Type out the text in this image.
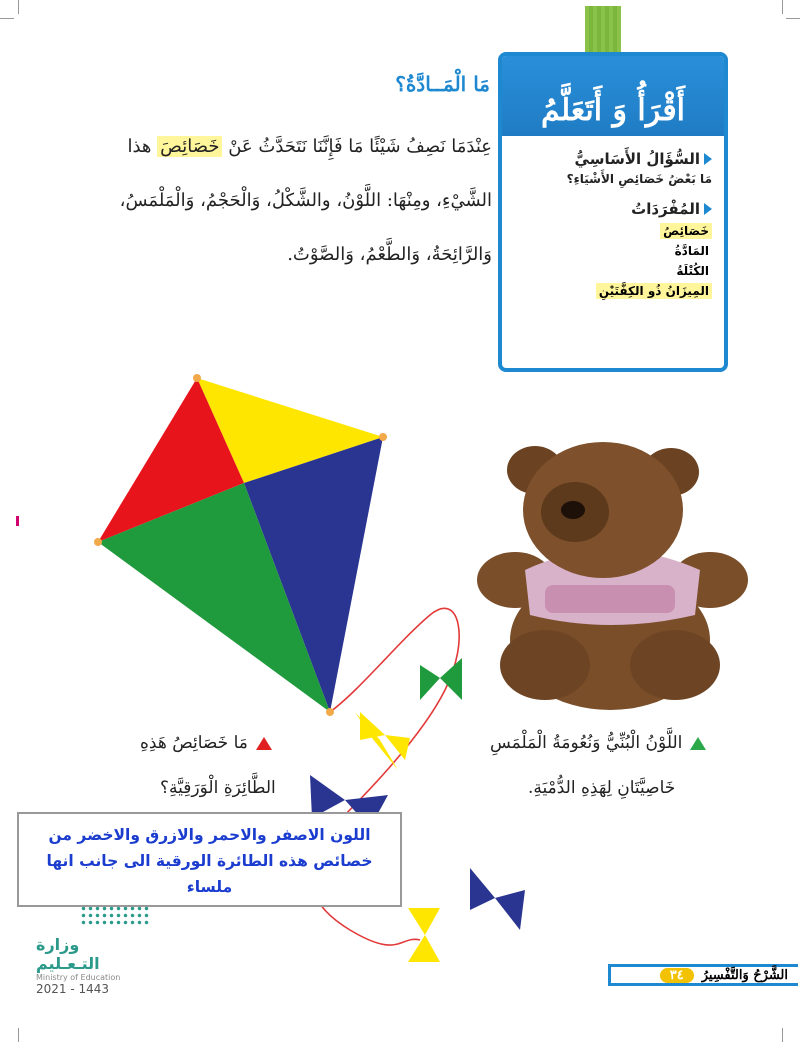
أَقْرَأُ وَ أَتَعَلَّمُ
السُّؤَالُ الأَسَاسِيُّ
مَا بَعْضُ خَصَائِصِ الأَشْيَاءِ؟
المُفْرَدَاتُ
خَصَائِصُ
المَادَّةُ
الكُتْلَةُ
المِيزَانُ ذُو الكِفَّتَيْنِ
مَا الْمَــادَّةُ؟
عِنْدَمَا نَصِفُ شَيْئًا مَا فَإِنَّنَا نَتَحَدَّثُ عَنْ خَصَائِصَ هذا الشَّيْءِ، ومِنْهَا: اللَّوْنُ، والشَّكْلُ، وَالْحَجْمُ، وَالْمَلْمَسُ، وَالرَّائِحَةُ، وَالطَّعْمُ، وَالصَّوْتُ.
اللَّوْنُ الْبُنِّيُّ وَنُعُومَةُ الْمَلْمَسِ
خَاصِيَّتَانِ لِهَذِهِ الدُّمْيَةِ.
مَا خَصَائِصُ هَذِهِ
الطَّائِرَةِ الْوَرَقِيَّةِ؟
اللون الاصفر والاحمر والازرق والاخضر من
خصائص هذه الطائرة الورقية الى جانب انها
ملساء
وزارة التـعـليم
Ministry of Education
2021 - 1443
الشَّرْحُ وَالتَّفْسِيرُ
٣٤
